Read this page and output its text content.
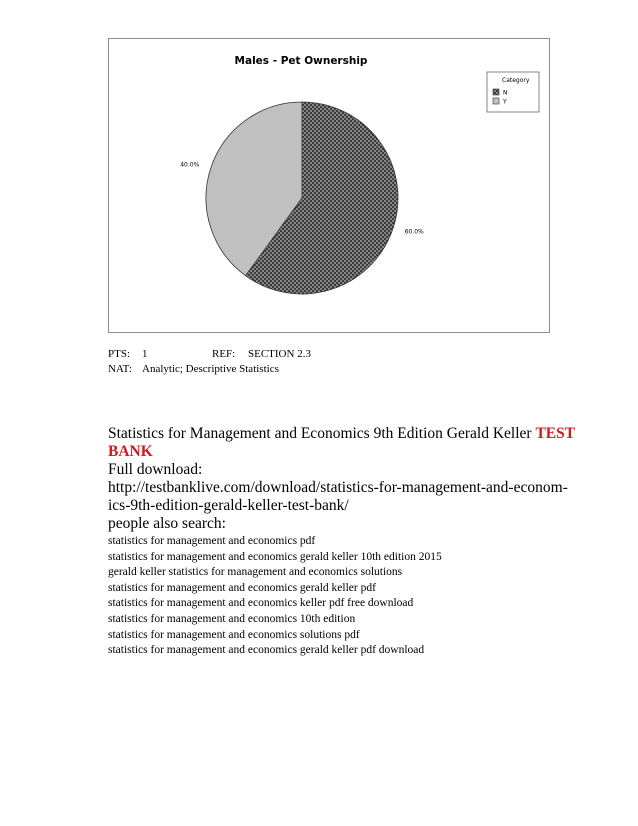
Males - Pet Ownership
60.0%
40.0%
Category
N
Y
PTS: 1	REF: SECTION 2.3
NAT: Analytic; Descriptive Statistics
Statistics for Management and Economics 9th Edition Gerald Keller TEST
BANK
Full download:
http://testbanklive.com/download/statistics-for-management-and-econom-
ics-9th-edition-gerald-keller-test-bank/
people also search:
statistics for management and economics pdf
statistics for management and economics gerald keller 10th edition 2015
gerald keller statistics for management and economics solutions
statistics for management and economics gerald keller pdf
statistics for management and economics keller pdf free download
statistics for management and economics 10th edition
statistics for management and economics solutions pdf
statistics for management and economics gerald keller pdf download
